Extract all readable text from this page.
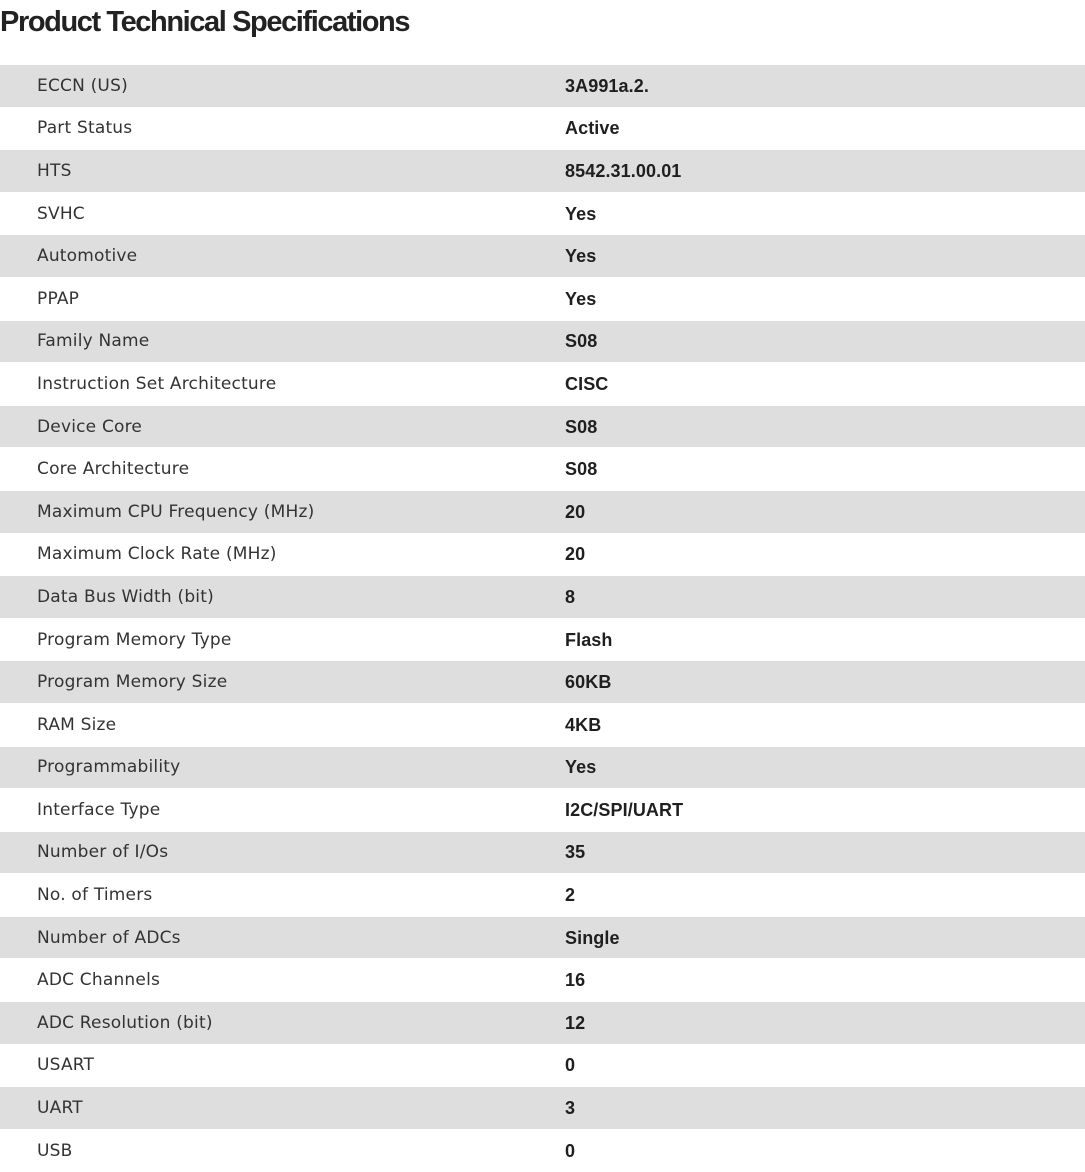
Product Technical Specifications
ECCN (US)	3A991a.2.
Part Status	Active
HTS	8542.31.00.01
SVHC	Yes
Automotive	Yes
PPAP	Yes
Family Name	S08
Instruction Set Architecture	CISC
Device Core	S08
Core Architecture	S08
Maximum CPU Frequency (MHz)	20
Maximum Clock Rate (MHz)	20
Data Bus Width (bit)	8
Program Memory Type	Flash
Program Memory Size	60KB
RAM Size	4KB
Programmability	Yes
Interface Type	I2C/SPI/UART
Number of I/Os	35
No. of Timers	2
Number of ADCs	Single
ADC Channels	16
ADC Resolution (bit)	12
USART	0
UART	3
USB	0
